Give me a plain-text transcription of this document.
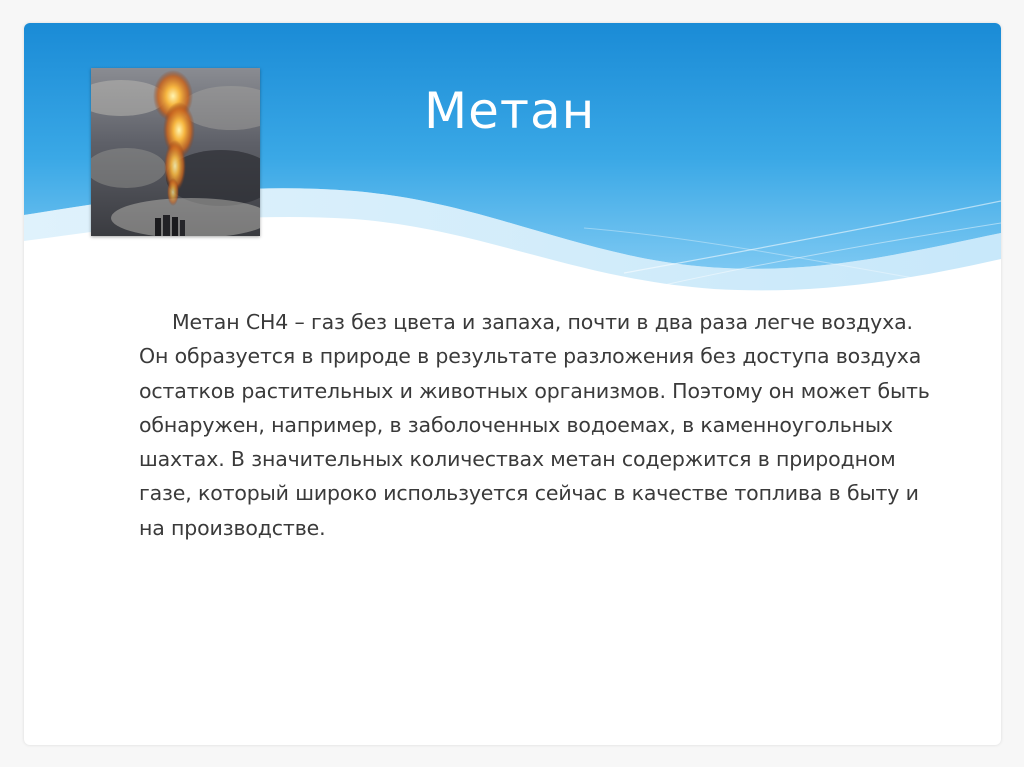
Метан

Метан CH4 – газ без цвета и запаха, почти в два раза легче воздуха. Он образуется в природе в результате разложения без доступа воздуха остатков растительных и животных организмов. Поэтому он может быть обнаружен, например, в заболоченных водоемах, в каменноугольных шахтах. В значительных количествах метан содержится в природном газе, который широко используется сейчас в качестве топлива в быту и на производстве.
